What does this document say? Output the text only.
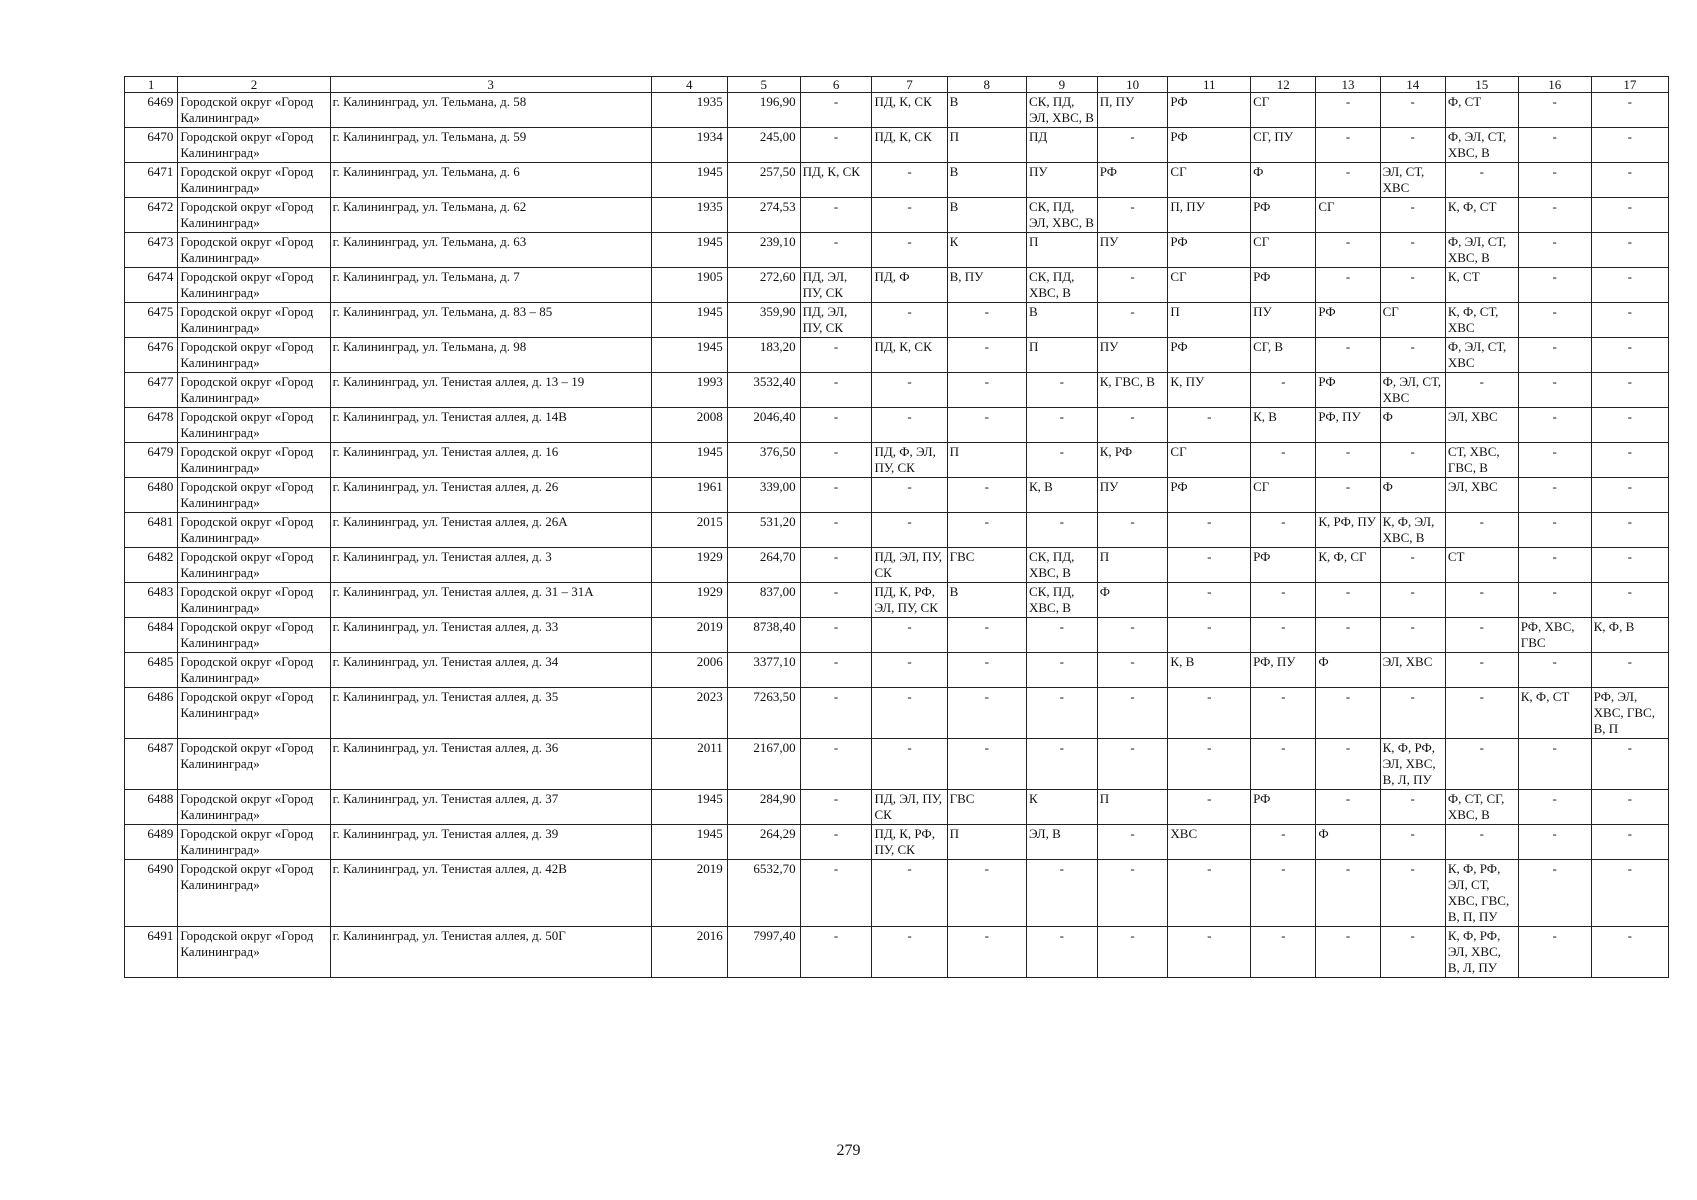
1	2	3	4	5	6	7	8	9	10	11	12	13	14	15	16	17
6469	Городской округ «Город Калининград»	г. Калининград, ул. Тельмана, д. 58	1935	196,90	-	ПД, К, СК	В	СК, ПД, ЭЛ, ХВС, В	П, ПУ	РФ	СГ	-	-	Ф, СТ	-	-
6470	Городской округ «Город Калининград»	г. Калининград, ул. Тельмана, д. 59	1934	245,00	-	ПД, К, СК	П	ПД	-	РФ	СГ, ПУ	-	-	Ф, ЭЛ, СТ, ХВС, В	-	-
6471	Городской округ «Город Калининград»	г. Калининград, ул. Тельмана, д. 6	1945	257,50	ПД, К, СК	-	В	ПУ	РФ	СГ	Ф	-	ЭЛ, СТ, ХВС	-	-	-
6472	Городской округ «Город Калининград»	г. Калининград, ул. Тельмана, д. 62	1935	274,53	-	-	В	СК, ПД, ЭЛ, ХВС, В	-	П, ПУ	РФ	СГ	-	К, Ф, СТ	-	-
6473	Городской округ «Город Калининград»	г. Калининград, ул. Тельмана, д. 63	1945	239,10	-	-	К	П	ПУ	РФ	СГ	-	-	Ф, ЭЛ, СТ, ХВС, В	-	-
6474	Городской округ «Город Калининград»	г. Калининград, ул. Тельмана, д. 7	1905	272,60	ПД, ЭЛ, ПУ, СК	ПД, Ф	В, ПУ	СК, ПД, ХВС, В	-	СГ	РФ	-	-	К, СТ	-	-
6475	Городской округ «Город Калининград»	г. Калининград, ул. Тельмана, д. 83 – 85	1945	359,90	ПД, ЭЛ, ПУ, СК	-	-	В	-	П	ПУ	РФ	СГ	К, Ф, СТ, ХВС	-	-
6476	Городской округ «Город Калининград»	г. Калининград, ул. Тельмана, д. 98	1945	183,20	-	ПД, К, СК	-	П	ПУ	РФ	СГ, В	-	-	Ф, ЭЛ, СТ, ХВС	-	-
6477	Городской округ «Город Калининград»	г. Калининград, ул. Тенистая аллея, д. 13 – 19	1993	3532,40	-	-	-	-	К, ГВС, В	К, ПУ	-	РФ	Ф, ЭЛ, СТ, ХВС	-	-	-
6478	Городской округ «Город Калининград»	г. Калининград, ул. Тенистая аллея, д. 14В	2008	2046,40	-	-	-	-	-	-	К, В	РФ, ПУ	Ф	ЭЛ, ХВС	-	-
6479	Городской округ «Город Калининград»	г. Калининград, ул. Тенистая аллея, д. 16	1945	376,50	-	ПД, Ф, ЭЛ, ПУ, СК	П	-	К, РФ	СГ	-	-	-	СТ, ХВС, ГВС, В	-	-
6480	Городской округ «Город Калининград»	г. Калининград, ул. Тенистая аллея, д. 26	1961	339,00	-	-	-	К, В	ПУ	РФ	СГ	-	Ф	ЭЛ, ХВС	-	-
6481	Городской округ «Город Калининград»	г. Калининград, ул. Тенистая аллея, д. 26А	2015	531,20	-	-	-	-	-	-	-	К, РФ, ПУ	К, Ф, ЭЛ, ХВС, В	-	-	-
6482	Городской округ «Город Калининград»	г. Калининград, ул. Тенистая аллея, д. 3	1929	264,70	-	ПД, ЭЛ, ПУ, СК	ГВС	СК, ПД, ХВС, В	П	-	РФ	К, Ф, СГ	-	СТ	-	-
6483	Городской округ «Город Калининград»	г. Калининград, ул. Тенистая аллея, д. 31 – 31А	1929	837,00	-	ПД, К, РФ, ЭЛ, ПУ, СК	В	СК, ПД, ХВС, В	Ф	-	-	-	-	-	-	-
6484	Городской округ «Город Калининград»	г. Калининград, ул. Тенистая аллея, д. 33	2019	8738,40	-	-	-	-	-	-	-	-	-	-	РФ, ХВС, ГВС	К, Ф, В
6485	Городской округ «Город Калининград»	г. Калининград, ул. Тенистая аллея, д. 34	2006	3377,10	-	-	-	-	-	К, В	РФ, ПУ	Ф	ЭЛ, ХВС	-	-	-
6486	Городской округ «Город Калининград»	г. Калининград, ул. Тенистая аллея, д. 35	2023	7263,50	-	-	-	-	-	-	-	-	-	-	К, Ф, СТ	РФ, ЭЛ, ХВС, ГВС, В, П
6487	Городской округ «Город Калининград»	г. Калининград, ул. Тенистая аллея, д. 36	2011	2167,00	-	-	-	-	-	-	-	-	К, Ф, РФ, ЭЛ, ХВС, В, Л, ПУ	-	-	-
6488	Городской округ «Город Калининград»	г. Калининград, ул. Тенистая аллея, д. 37	1945	284,90	-	ПД, ЭЛ, ПУ, СК	ГВС	К	П	-	РФ	-	-	Ф, СТ, СГ, ХВС, В	-	-
6489	Городской округ «Город Калининград»	г. Калининград, ул. Тенистая аллея, д. 39	1945	264,29	-	ПД, К, РФ, ПУ, СК	П	ЭЛ, В	-	ХВС	-	Ф	-	-	-	-
6490	Городской округ «Город Калининград»	г. Калининград, ул. Тенистая аллея, д. 42В	2019	6532,70	-	-	-	-	-	-	-	-	-	К, Ф, РФ, ЭЛ, СТ, ХВС, ГВС, В, П, ПУ	-	-
6491	Городской округ «Город Калининград»	г. Калининград, ул. Тенистая аллея, д. 50Г	2016	7997,40	-	-	-	-	-	-	-	-	-	К, Ф, РФ, ЭЛ, ХВС, В, Л, ПУ	-	-
279
